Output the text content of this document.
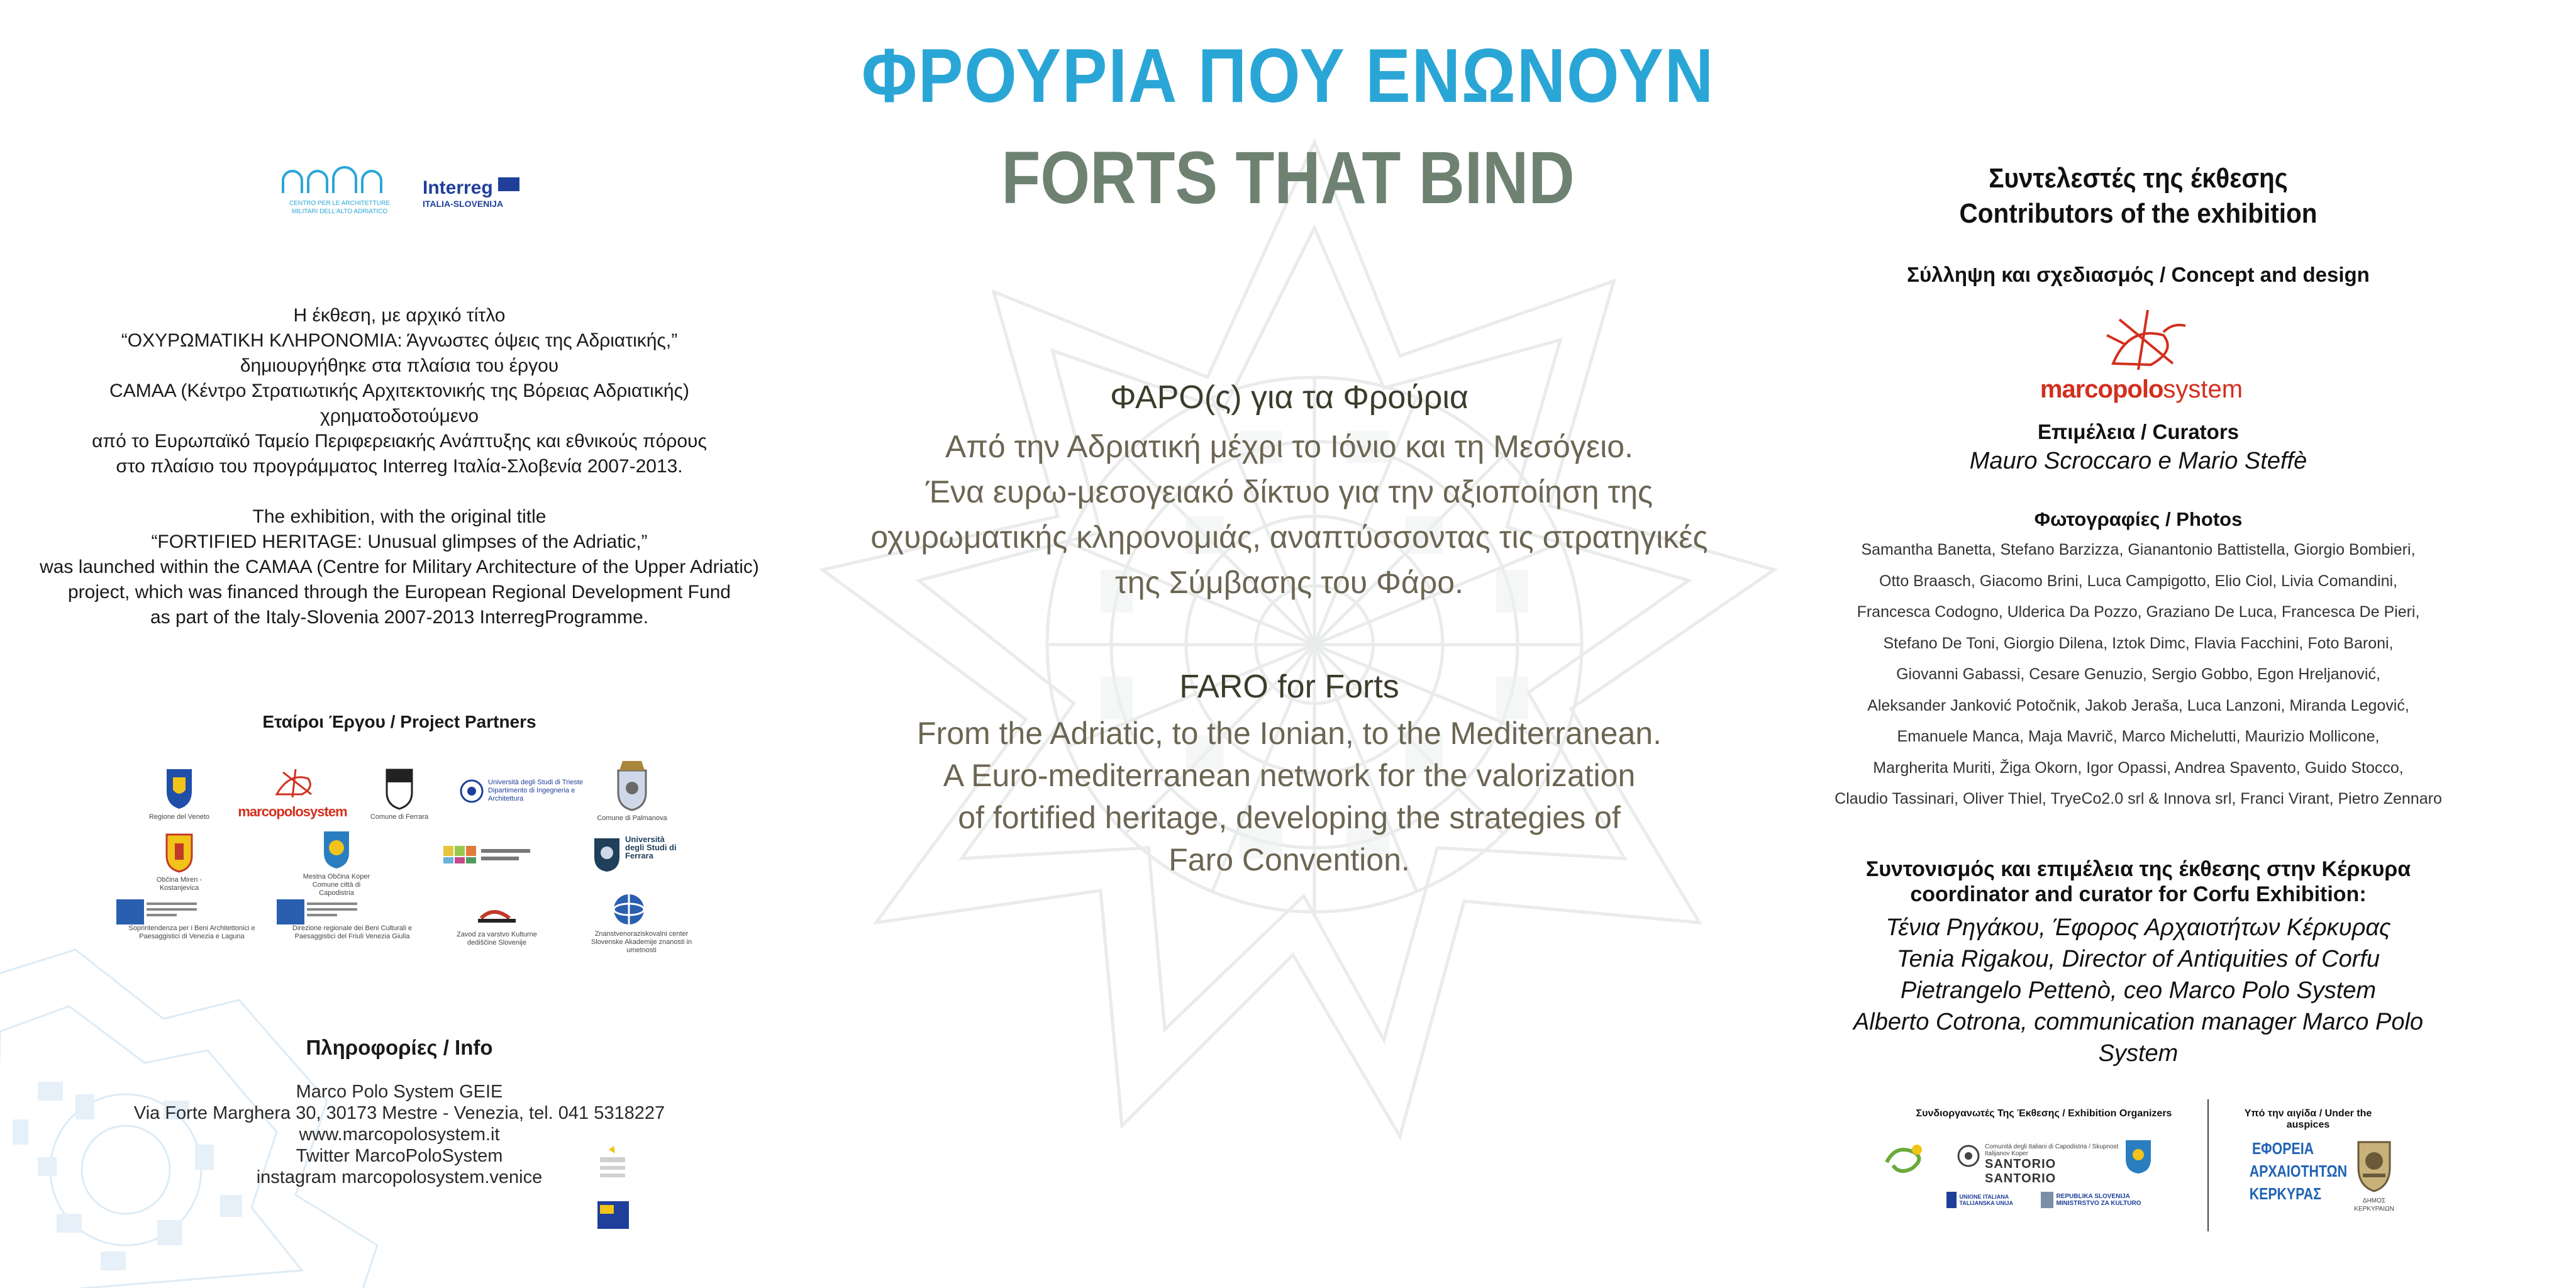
ΦΡΟΥΡΙΑ ΠΟΥ ΕΝΩΝΟΥΝ
FORTS THAT BIND
ΦΑΡΟ(ς) για τα Φρούρια
Από την Αδριατική μέχρι το Ιόνιο και τη Μεσόγειο.
Ένα ευρω-μεσογειακό δίκτυο για την αξιοποίηση της
οχυρωματικής κληρονομιάς, αναπτύσσοντας τις στρατηγικές
της Σύμβασης του Φάρο.
FARO for Forts
From the Adriatic, to the Ionian, to the Mediterranean.
A Euro-mediterranean network for the valorization
of fortified heritage, developing the strategies of
Faro Convention.
CENTRO PER LE ARCHITETTURE MILITARI DELL'ALTO ADRIATICO
Interreg
ITALIA-SLOVENIJA
Η έκθεση, με αρχικό τίτλο
“ΟΧΥΡΩΜΑΤΙΚΗ ΚΛΗΡΟΝΟΜΙΑ: Άγνωστες όψεις της Αδριατικής,”
δημιουργήθηκε στα πλαίσια του έργου
CAMAA (Κέντρο Στρατιωτικής Αρχιτεκτονικής της Βόρειας Αδριατικής)
χρηματοδοτούμενο
από το Ευρωπαϊκό Ταμείο Περιφερειακής Ανάπτυξης και εθνικούς πόρους
στο πλαίσιο του προγράμματος Interreg Ιταλία-Σλοβενία 2007-2013.
The exhibition, with the original title
“FORTIFIED HERITAGE: Unusual glimpses of the Adriatic,”
was launched within the CAMAA (Centre for Military Architecture of the Upper Adriatic)
project, which was financed through the European Regional Development Fund
as part of the Italy-Slovenia 2007-2013 InterregProgramme.
Εταίροι Έργου / Project Partners
Regione del Veneto	marcopolosystem	Comune di Ferrara
Università degli Studi di Trieste Dipartimento di Ingegneria e Architettura
Comune di Palmanova
Občina Miren - Kostanjevica
Mestna Občina Koper Comune città di Capodistria
Università degli Studi di Ferrara

Soprintendenza per i Beni Architettonici e Paesaggistici di Venezia e Laguna

Direzione regionale dei Beni Culturali e Paesaggistici del Friuli Venezia Giulia	Zavod za varstvo Kulturne dediščine Slovenije
Znanstvenoraziskovalni center Slovenske Akademije znanosti in umetnosti
Πληροφορίες / Info
Marco Polo System GEIE
Via Forte Marghera 30, 30173 Mestre - Venezia, tel. 041 5318227
www.marcopolosystem.it
Twitter MarcoPoloSystem
instagram marcopolosystem.venice
Συντελεστές της έκθεσης
Contributors of the exhibition
Σύλληψη και σχεδιασμός / Concept and design
marcopolosystem
Επιμέλεια / Curators
Mauro Scroccaro e Mario Steffè
Φωτογραφίες / Photos
Samantha Banetta, Stefano Barzizza, Gianantonio Battistella, Giorgio Bombieri,
Otto Braasch, Giacomo Brini, Luca Campigotto, Elio Ciol, Livia Comandini,
Francesca Codogno, Ulderica Da Pozzo, Graziano De Luca, Francesca De Pieri,
Stefano De Toni, Giorgio Dilena, Iztok Dimc, Flavia Facchini, Foto Baroni,
Giovanni Gabassi, Cesare Genuzio, Sergio Gobbo, Egon Hreljanović,
Aleksander Janković Potočnik, Jakob Jeraša, Luca Lanzoni, Miranda Legović,
Emanuele Manca, Maja Mavrič, Marco Michelutti, Maurizio Mollicone,
Margherita Muriti, Žiga Okorn, Igor Opassi, Andrea Spavento, Guido Stocco,
Claudio Tassinari, Oliver Thiel, TryeCo2.0 srl & Innova srl, Franci Virant, Pietro Zennaro
Συντονισμός και επιμέλεια της έκθεσης στην Κέρκυρα
coordinator and curator for Corfu Exhibition:
Τένια Ρηγάκου, Έφορος Αρχαιοτήτων Κέρκυρας
Tenia Rigakou, Director of Antiquities of Corfu
Pietrangelo Pettenò, ceo Marco Polo System
Alberto Cotrona, communication manager Marco Polo System
Συνδιοργανωτές Της Έκθεσης / Exhibition Organizers	Υπό την αιγίδα / Under the auspices
Comunità degli Italiani di Capodistria / Skupnost Italijanov Koper
SANTORIO SANTORIO
UNIONE ITALIANA TALIJANSKA UNIJA
REPUBLIKA SLOVENIJA MINISTRSTVO ZA KULTURO
ΕΦΟΡΕΙΑ
ΑΡΧΑΙΟΤΗΤΩΝ
ΚΕΡΚΥΡΑΣ	ΔΗΜΟΣ
ΚΕΡΚΥΡΑΙΩΝ
